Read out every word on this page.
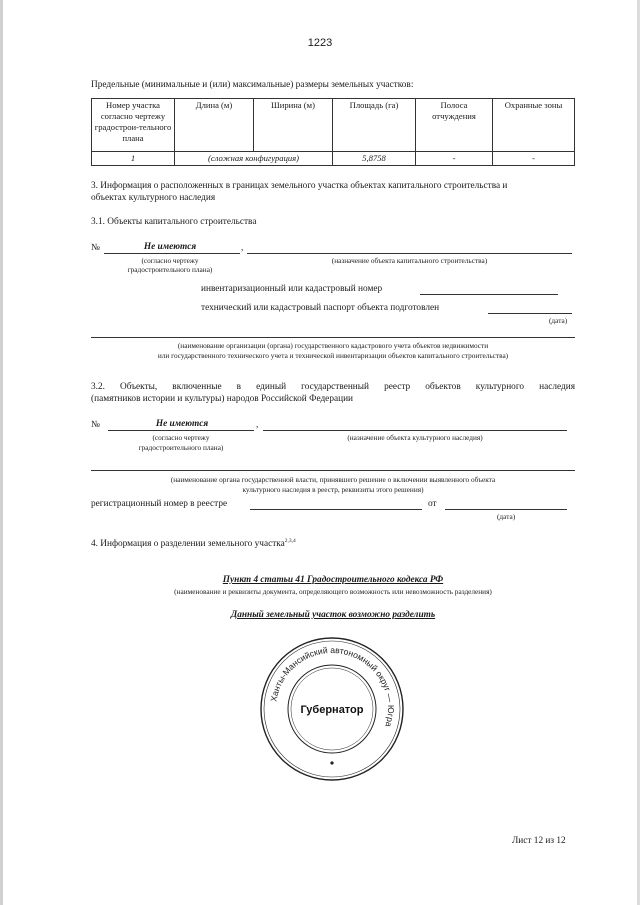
1223
Предельные (минимальные и (или) максимальные) размеры земельных участков:
Номер участка согласно чертежу градострои-тельного плана	Длина (м)	Ширина (м)	Площадь (га)	Полоса отчуждения	Охранные зоны
1	(сложная конфигурация)		5,8758	-	-
3. Информация о расположенных в границах земельного участка объектах капитального строительства и
объектах культурного наследия
3.1. Объекты капитального строительства
№	Не имеются	,
(согласно чертежу
градостроительного плана)
(назначение объекта капитального строительства)
инвентаризационный или кадастровый номер
технический или кадастровый паспорт объекта подготовлен
(дата)
(наименование организации (органа) государственного кадастрового учета объектов недвижимости
или государственного технического учета и технической инвентаризации объектов капитального строительства)
3.2. Объекты, включенные в единый государственный реестр объектов культурного наследия
(памятников истории и культуры) народов Российской Федерации
№	Не имеются	,
(согласно чертежу
градостроительного плана)
(назначение объекта культурного наследия)
(наименование органа государственной власти, принявшего решение о включении выявленного объекта
культурного наследия в реестр, реквизиты этого решения)
регистрационный номер в реестре	от
(дата)
4. Информация о разделении земельного участка$^{2,3,4}$
Пункт 4 статьи 41 Градостроительного кодекса РФ
(наименование и реквизиты документа, определяющего возможность или невозможность разделения)
Данный земельный участок возможно разделить
Ханты-Мансийский автономный округ — Югра
Губернатор
Лист 12 из 12
